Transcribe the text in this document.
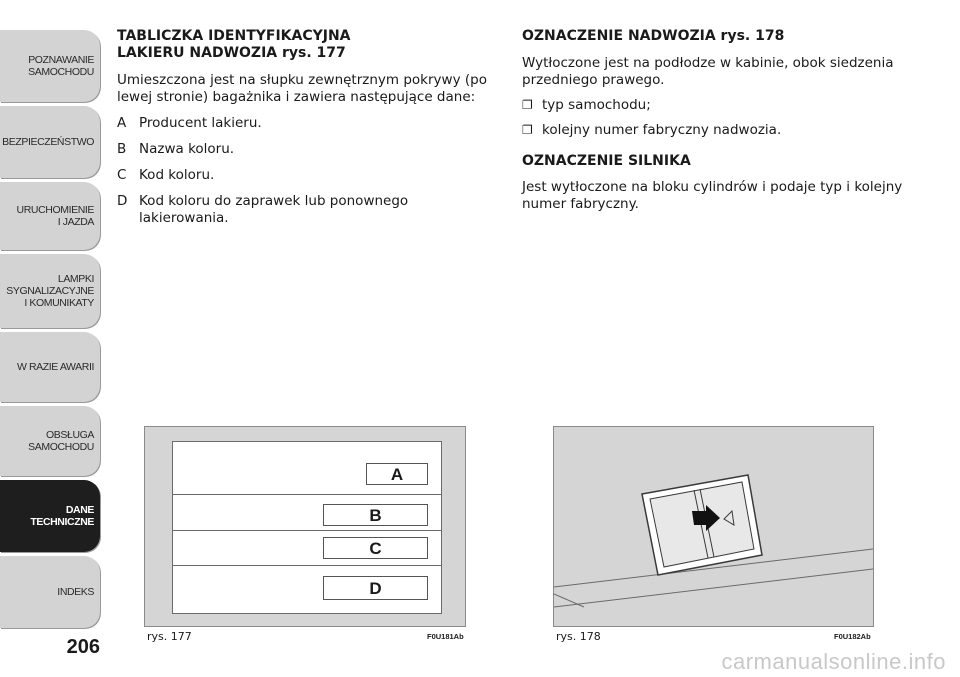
POZNAWANIE
SAMOCHODU
BEZPIECZEŃSTWO
URUCHOMIENIE
I JAZDA
LAMPKI
SYGNALIZACYJNE
I KOMUNIKATY
W RAZIE AWARII
OBSŁUGA
SAMOCHODU
DANE
TECHNICZNE
INDEKS
206
TABLICZKA IDENTYFIKACYJNA LAKIERU NADWOZIA rys. 177

Umieszczona jest na słupku zewnętrznym pokrywy (po lewej stronie) bagażnika i zawiera następujące dane:

A Producent lakieru.
B Nazwa koloru.
C Kod koloru.
D Kod koloru do zaprawek lub ponownego lakierowania.
OZNACZENIE NADWOZIA rys. 178

Wytłoczone jest na podłodze w kabinie, obok siedzenia przedniego prawego.

❐ typ samochodu;
❐ kolejny numer fabryczny nadwozia.
OZNACZENIE SILNIKA

Jest wytłoczone na bloku cylindrów i podaje typ i kolejny numer fabryczny.

A
B
C
D
rys. 177	F0U181Ab	rys. 178	F0U182Ab
carmanualsonline.info
